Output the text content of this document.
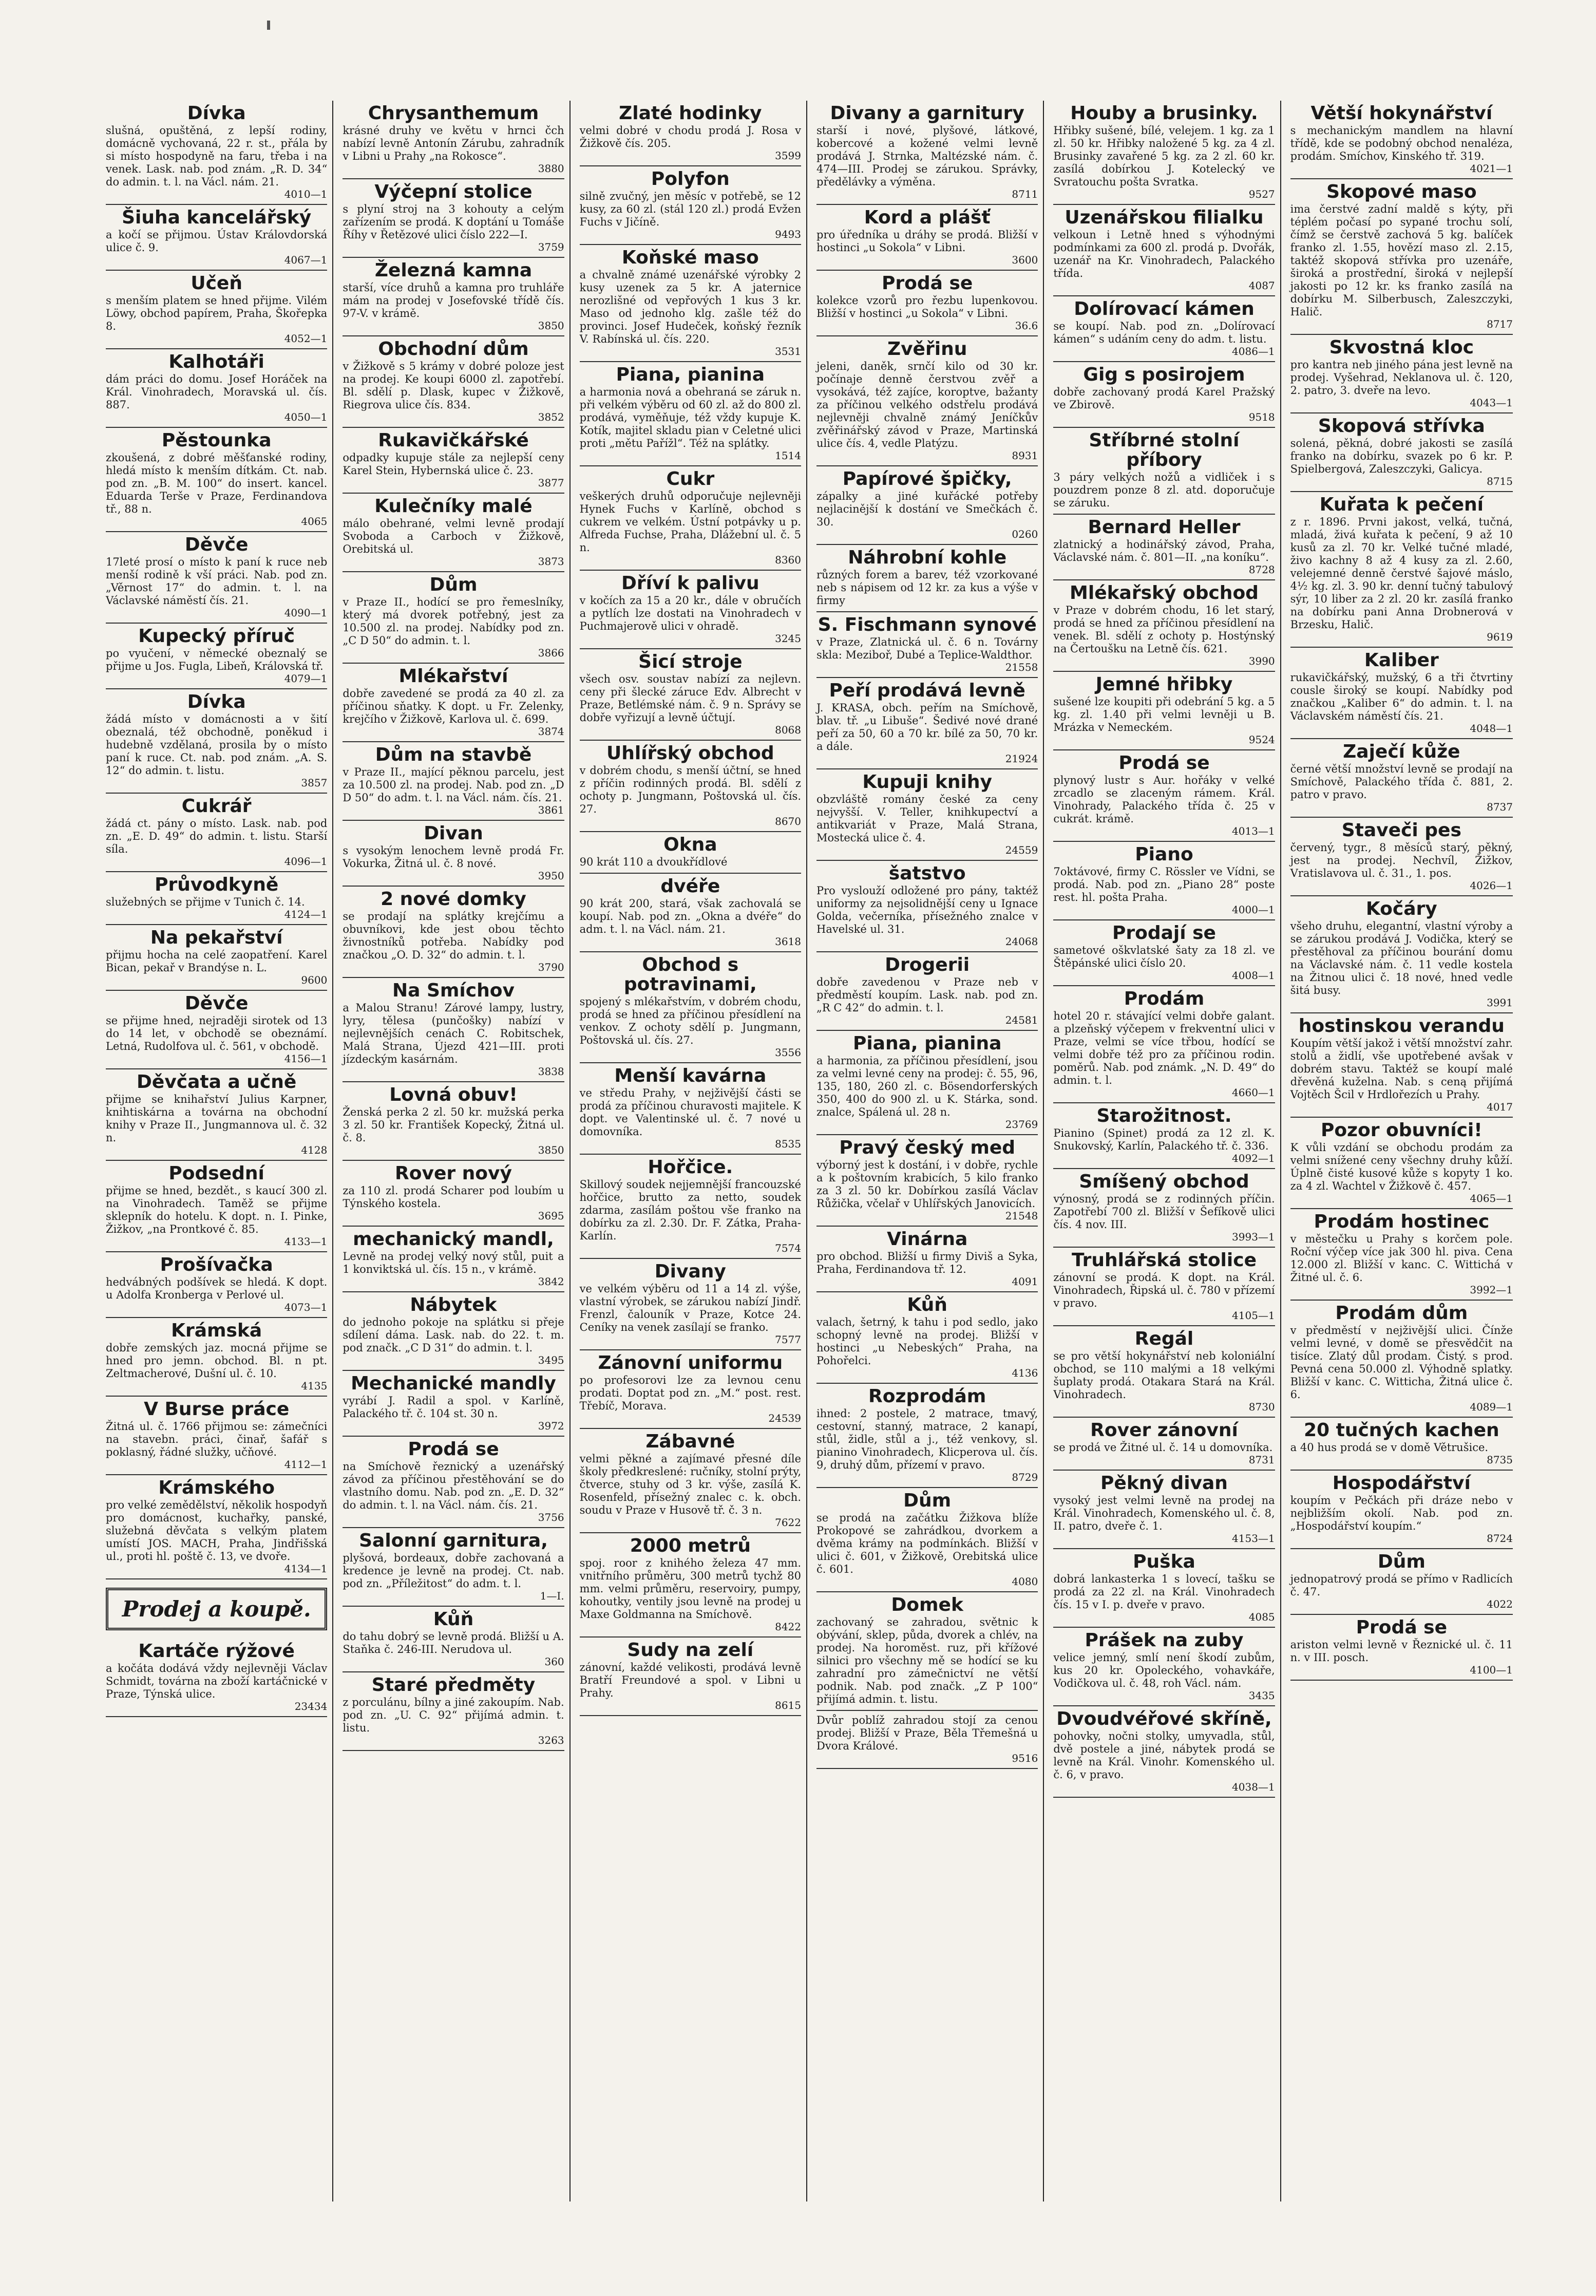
Dívka

slušná, opuštěná, z lepší rodiny, domácně vychovaná, 22 r. st., přála by si místo hospodyně na faru, třeba i na venek. Lask. nab. pod znám. „R. D. 34“ do admin. t. l. na Václ. nám. 21.

4010—1

Šiuha kancelářský

a kočí se přijmou. Ústav Královdorská ulice č. 9.

4067—1

Učeň

s menším platem se hned přijme. Vilém Löwy, obchod papírem, Praha, Škořepka 8.

4052—1

Kalhotáři

dám práci do domu. Josef Horáček na Král. Vinohradech, Moravská ul. čís. 887.

4050—1

Pěstounka

zkoušená, z dobré měšťanské rodiny, hledá místo k menším dítkám. Ct. nab. pod zn. „B. M. 100“ do insert. kancel. Eduarda Terše v Praze, Ferdinandova tř., 88 n.

4065

Děvče

17leté prosí o místo k paní k ruce neb menší rodině k vší práci. Nab. pod zn. „Věrnost 17“ do admin. t. l. na Václavské náměstí čís. 21.

4090—1

Kupecký příruč

po vyučení, v německé obeznalý se přijme u Jos. Fugla, Libeň, Královská tř.

4079—1

Dívka

žádá místo v domácnosti a v šití obeznalá, též obchodně, poněkud i hudebně vzdělaná, prosila by o místo paní k ruce. Ct. nab. pod znám. „A. S. 12“ do admin. t. listu.

3857

Cukrář

žádá ct. pány o místo. Lask. nab. pod zn. „E. D. 49“ do admin. t. listu. Starší síla.

4096—1

Průvodkyně

služebných se přijme v Tunich č. 14.

4124—1

Na pekařství

přijmu hocha na celé zaopatření. Karel Bican, pekař v Brandýse n. L.

9600

Děvče

se přijme hned, nejraději sirotek od 13 do 14 let, v obchodě se obeznámí. Letná, Rudolfova ul. č. 561, v obchodě.

4156—1

Děvčata a učně

přijme se knihařství Julius Karpner, knihtiskárna a továrna na obchodní knihy v Praze II., Jungmannova ul. č. 32 n.

4128

Podsední

přijme se hned, bezdět., s kaucí 300 zl. na Vinohradech. Taměž se přijme sklepník do hotelu. K dopt. n. I. Pinke, Žižkov, „na Prontkové č. 85.

4133—1

Prošívačka

hedvábných podšívek se hledá. K dopt. u Adolfa Kronberga v Perlové ul.

4073—1

Krámská

dobře zemských jaz. mocná přijme se hned pro jemn. obchod. Bl. n pt. Zeltmacherové, Dušní ul. č. 10.

4135

V Burse práce

Žitná ul. č. 1766 přijmou se: zámečníci na stavebn. práci, činař, šafář s poklasný, řádné služky, učňové.

4112—1

Krámského

pro velké zemědělství, několik hospodyň pro domácnost, kuchařky, panské, služebná děvčata s velkým platem umístí JOS. MACH, Praha, Jindřišská ul., proti hl. poště č. 13, ve dvoře.

4134—1

Prodej a koupě.
Kartáče rýžové

a kočáta dodává vždy nejlevněji Václav Schmidt, továrna na zboží kartáčnické v Praze, Týnská ulice.

23434

Chrysanthemum

krásné druhy ve květu v hrnci čch nabízí levně Antonín Zárubu, zahradník v Libni u Prahy „na Rokosce“.

3880

Výčepní stolice

s plyní stroj na 3 kohouty a celým zařízením se prodá. K doptání u Tomáše Říhy v Řetězové ulici číslo 222—I.

3759

Železná kamna

starší, více druhů a kamna pro truhláře mám na prodej v Josefovské třídě čís. 97-V. v krámě.

3850

Obchodní dům

v Žižkově s 5 krámy v dobré poloze jest na prodej. Ke koupi 6000 zl. zapotřebí. Bl. sdělí p. Dlask, kupec v Žižkově, Riegrova ulice čís. 834.

3852

Rukavičkářské

odpadky kupuje stále za nejlepší ceny Karel Stein, Hybernská ulice č. 23.

3877

Kulečníky malé

málo obehrané, velmi levně prodají Svoboda a Carboch v Žižkově, Orebitská ul.

3873

Dům

v Praze II., hodící se pro řemeslníky, který má dvorek potřebný, jest za 10.500 zl. na prodej. Nabídky pod zn. „C D 50“ do admin. t. l.

3866

Mlékařství

dobře zavedené se prodá za 40 zl. za příčinou sňatky. K dopt. u Fr. Zelenky, krejčího v Žižkově, Karlova ul. č. 699.

3874

Dům na stavbě

v Praze II., mající pěknou parcelu, jest za 10.500 zl. na prodej. Nab. pod zn. „D D 50“ do adm. t. l. na Václ. nám. čís. 21.

3861

Divan

s vysokým lenochem levně prodá Fr. Vokurka, Žitná ul. č. 8 nové.

3950

2 nové domky

se prodají na splátky krejčímu a obuvníkovi, kde jest obou těchto živnostníků potřeba. Nabídky pod značkou „O. D. 32“ do admin. t. l.

3790

Na Smíchov

a Malou Stranu! Zárové lampy, lustry, lyry, tělesa (punčošky) nabízí v nejlevnějších cenách C. Robitschek, Malá Strana, Újezd 421—III. proti jízdeckým kasárnám.

3838

Lovná obuv!

Ženská perka 2 zl. 50 kr. mužská perka 3 zl. 50 kr. František Kopecký, Žitná ul. č. 8.

3850

Rover nový

za 110 zl. prodá Scharer pod loubím u Týnského kostela.

3695

mechanický mandl,

Levně na prodej velký nový stůl, puit a 1 konviktská ul. čís. 15 n., v krámě.

3842

Nábytek

do jednoho pokoje na splátku si přeje sdílení dáma. Lask. nab. do 22. t. m. pod značk. „C D 31“ do admin. t. l.

3495

Mechanické mandly

vyrábí J. Radil a spol. v Karlíně, Palackého tř. č. 104 st. 30 n.

3972

Prodá se

na Smíchově řeznický a uzenářský závod za příčinou přestěhování se do vlastního domu. Nab. pod zn. „E. D. 32“ do admin. t. l. na Václ. nám. čís. 21.

3756

Salonní garnitura,

plyšová, bordeaux, dobře zachovaná a kredence je levně na prodej. Ct. nab. pod zn. „Příležitost“ do adm. t. l.

1—I.

Kůň

do tahu dobrý se levně prodá. Bližší u A. Staňka č. 246-III. Nerudova ul.

360

Staré předměty

z porculánu, bílny a jiné zakoupím. Nab. pod zn. „U. C. 92“ přijímá admin. t. listu.

3263

Zlaté hodinky

velmi dobré v chodu prodá J. Rosa v Žižkově čís. 205.

3599

Polyfon

silně zvučný, jen měsíc v potřebě, se 12 kusy, za 60 zl. (stál 120 zl.) prodá Evžen Fuchs v Jičíně.

9493

Koňské maso

a chvalně známé uzenářské výrobky 2 kusy uzenek za 5 kr. A jaternice nerozlišné od vepřových 1 kus 3 kr. Maso od jednoho klg. zašle též do provinci. Josef Hudeček, koňský řezník V. Rabínská ul. čís. 220.

3531

Piana, pianina

a harmonia nová a obehraná se záruk n. při velkém výběru od 60 zl. až do 800 zl. prodává, vyměňuje, též vždy kupuje K. Kotík, majitel skladu pian v Celetné ulici proti „mětu Pařížl“. Též na splátky.

1514

Cukr

veškerých druhů odporučuje nejlevněji Hynek Fuchs v Karlíně, obchod s cukrem ve velkém. Ústní potpávky u p. Alfreda Fuchse, Praha, Dlážební ul. č. 5 n.

8360

Dříví k palivu

v kočích za 15 a 20 kr., dále v obručích a pytlích lze dostati na Vinohradech v Puchmajerově ulici v ohradě.

3245

Šicí stroje

všech osv. soustav nabízí za nejlevn. ceny při šlecké záruce Edv. Albrecht v Praze, Betlémské nám. č. 9 n. Správy se dobře vyřizují a levně účtují.

8068

Uhlířský obchod

v dobrém chodu, s menší účtní, se hned z příčin rodinných prodá. Bl. sdělí z ochoty p. Jungmann, Poštovská ul. čís. 27.

8670

Okna

90 krát 110 a dvoukřídlové

dvéře

90 krát 200, stará, však zachovalá se koupí. Nab. pod zn. „Okna a dvéře“ do adm. t. l. na Václ. nám. 21.

3618

Obchod s potravinami,

spojený s mlékařstvím, v dobrém chodu, prodá se hned za příčinou přesídlení na venkov. Z ochoty sdělí p. Jungmann, Poštovská ul. čís. 27.

3556

Menší kavárna

ve středu Prahy, v nejživější části se prodá za příčinou churavosti majitele. K dopt. ve Valentinské ul. č. 7 nové u domovníka.

8535

Hořčice.

Skillový soudek nejjemnější francouzské hořčice, brutto za netto, soudek zdarma, zasílám poštou vše franko na dobírku za zl. 2.30. Dr. F. Zátka, Praha-Karlín.

7574

Divany

ve velkém výběru od 11 a 14 zl. výše, vlastní výrobek, se zárukou nabízí Jindř. Frenzl, čalouník v Praze, Kotce 24. Ceníky na venek zasílají se franko.

7577

Zánovní uniformu

po profesorovi lze za levnou cenu prodati. Doptat pod zn. „M.“ post. rest. Třebíč, Morava.

24539

Zábavné

velmi pěkné a zajímavé přesné díle školy předkreslené: ručníky, stolní prýty, čtverce, stuhy od 3 kr. výše, zasílá K. Rosenfeld, přísežný znalec c. k. obch. soudu v Praze v Husově tř. č. 3 n.

7622

2000 metrů

spoj. roor z knihého železa 47 mm. vnitřního průměru, 300 metrů tychž 80 mm. velmi průměru, reservoiry, pumpy, kohoutky, ventily jsou levně na prodej u Maxe Goldmanna na Smíchově.

8422

Sudy na zelí

zánovní, každé velikosti, prodává levně Bratří Freundové a spol. v Libni u Prahy.

8615

Divany a garnitury

starší i nové, plyšové, látkové, kobercové a kožené velmi levně prodává J. Strnka, Maltézské nám. č. 474—III. Prodej se zárukou. Správky, předělávky a výměna.

8711

Kord a plášť

pro úředníka u dráhy se prodá. Bližší v hostinci „u Sokola“ v Libni.

3600

Prodá se

kolekce vzorů pro řezbu lupenkovou. Bližší v hostinci „u Sokola“ v Libni.

36.6

Zvěřinu

jeleni, daněk, srnčí kilo od 30 kr. počínaje denně čerstvou zvěř a vysokává, též zajíce, koroptve, bažanty za příčinou velkého odstřelu prodává nejlevněji chvalně známý Jeníčkův zvěřinářský závod v Praze, Martinská ulice čís. 4, vedle Platýzu.

8931

Papírové špičky,

zápalky a jiné kuřácké potřeby nejlacinější k dostání ve Smečkách č. 30.

0260

Náhrobní kohle

různých forem a barev, též vzorkované neb s nápisem od 12 kr. za kus a výše v firmy

S. Fischmann synové

v Praze, Zlatnická ul. č. 6 n. Továrny skla: Meziboř, Dubé a Teplice-Waldthor.

21558

Peří prodává levně

J. KRASA, obch. peřím na Smíchově, blav. tř. „u Libuše“. Šedivé nové drané peří za 50, 60 a 70 kr. bílé za 50, 70 kr. a dále.

21924

Kupuji knihy

obzvláště romány české za ceny nejvyšší. V. Teller, knihkupectví a antikvariát v Praze, Malá Strana, Mostecká ulice č. 4.

24559

šatstvo

Pro vyslouží odložené pro pány, taktéž uniformy za nejsolidnější ceny u Ignace Golda, večerníka, přísežného znalce v Havelské ul. 31.

24068

Drogerii

dobře zavedenou v Praze neb v předměstí koupím. Lask. nab. pod zn. „R C 42“ do admin. t. l.

24581

Piana, pianina

a harmonia, za příčinou přesídlení, jsou za velmi levné ceny na prodej: č. 55, 96, 135, 180, 260 zl. c. Bösendorferských 350, 400 do 900 zl. u K. Stárka, sond. znalce, Spálená ul. 28 n.

23769

Pravý český med

výborný jest k dostání, i v dobře, rychle a k poštovním krabicích, 5 kilo franko za 3 zl. 50 kr. Dobírkou zasílá Václav Růžička, včelař v Uhlířských Janovicích.

21548

Vinárna

pro obchod. Bližší u firmy Diviš a Syka, Praha, Ferdinandova tř. 12.

4091

Kůň

valach, šetrný, k tahu i pod sedlo, jako schopný levně na prodej. Bližší v hostinci „u Nebeských“ Praha, na Pohořelci.

4136

Rozprodám

ihned: 2 postele, 2 matrace, tmavý, cestovní, stanný, matrace, 2 kanapí, stůl, židle, stůl a j., též venkovy, sl. pianino Vinohradech, Klicperova ul. čís. 9, druhý dům, přízemí v pravo.

8729

Dům

se prodá na začátku Žižkova blíže Prokopové se zahrádkou, dvorkem a dvěma krámy na podmínkách. Bližší v ulici č. 601, v Žižkově, Orebitská ulice č. 601.

4080

Domek

zachovaný se zahradou, světnic k obývání, sklep, půda, dvorek a chlév, na prodej. Na horoměst. ruz, při křížové silnici pro všechny mě se hodící se ku zahradní pro zámečnictví ne větší podnik. Nab. pod značk. „Z P 100“ přijímá admin. t. listu.

Dvůr poblíž zahradou stojí za cenou prodej. Bližší v Praze, Běla Třemešná u Dvora Králové.

9516

Houby a brusinky.

Hřibky sušené, bílé, velejem. 1 kg. za 1 zl. 50 kr. Hřibky naložené 5 kg. za 4 zl. Brusinky zavařené 5 kg. za 2 zl. 60 kr. zasílá dobírkou J. Kotelecký ve Svratouchu pošta Svratka.

9527

Uzenářskou filialku

velkoun i Letně hned s výhodnými podmínkami za 600 zl. prodá p. Dvořák, uzenář na Kr. Vinohradech, Palackého třída.

4087

Dolírovací kámen

se koupí. Nab. pod zn. „Dolírovací kámen“ s udáním ceny do adm. t. listu.

4086—1

Gig s posirojem

dobře zachovaný prodá Karel Pražský ve Zbirově.

9518

Stříbrné stolní příbory

3 páry velkých nožů a vidliček i s pouzdrem ponze 8 zl. atd. doporučuje se záruku.

Bernard Heller

zlatnický a hodinářský závod, Praha, Václavské nám. č. 801—II. „na koníku“.

8728

Mlékařský obchod

v Praze v dobrém chodu, 16 let starý, prodá se hned za příčinou přesídlení na venek. Bl. sdělí z ochoty p. Hostýnský na Čertoušku na Letně čís. 621.

3990

Jemné hřibky

sušené lze koupiti při odebrání 5 kg. a 5 kg. zl. 1.40 při velmi levněji u B. Mrázka v Nemeckém.

9524

Prodá se

plynový lustr s Aur. hořáky v velké zrcadlo se zlaceným rámem. Král. Vinohrady, Palackého třída č. 25 v cukrát. krámě.

4013—1

Piano

7oktávové, firmy C. Rössler ve Vídni, se prodá. Nab. pod zn. „Piano 28“ poste rest. hl. pošta Praha.

4000—1

Prodají se

sametové oškvlatské šaty za 18 zl. ve Štěpánské ulici číslo 20.

4008—1

Prodám

hotel 20 r. stávající velmi dobře galant. a plzeňský výčepem v frekventní ulici v Praze, velmi se více třbou, hodící se velmi dobře též pro za příčinou rodin. poměrů. Nab. pod známk. „N. D. 49“ do admin. t. l.

4660—1

Starožitnost.

Pianino (Spinet) prodá za 12 zl. K. Snukovský, Karlín, Palackého tř. č. 336.

4092—1

Smíšený obchod

výnosný, prodá se z rodinných příčin. Zapotřebí 700 zl. Bližší v Šefíkově ulici čís. 4 nov. III.

3993—1

Truhlářská stolice

zánovní se prodá. K dopt. na Král. Vinohradech, Řipská ul. č. 780 v přízemí v pravo.

4105—1

Regál

se pro větší hokynářství neb koloniální obchod, se 110 malými a 18 velkými šuplaty prodá. Otakara Stará na Král. Vinohradech.

8730

Rover zánovní

se prodá ve Žitné ul. č. 14 u domovníka.

8731

Pěkný divan

vysoký jest velmi levně na prodej na Král. Vinohradech, Komenského ul. č. 8, II. patro, dveře č. 1.

4153—1

Puška

dobrá lankasterka 1 s lovecí, tašku se prodá za 22 zl. na Král. Vinohradech čís. 15 v I. p. dveře v pravo.

4085

Prášek na zuby

velice jemný, smlí není škodí zubům, kus 20 kr. Opoleckého, vohavkáře, Vodičkova ul. č. 48, roh Václ. nám.

3435

Dvoudvéřové skříně,

pohovky, nočni stolky, umyvadla, stůl, dvě postele a jiné, nábytek prodá se levně na Král. Vinohr. Komenského ul. č. 6, v pravo.

4038—1

Větší hokynářství

s mechanickým mandlem na hlavní třídě, kde se podobný obchod nenaléza, prodám. Smíchov, Kinského tř. 319.

4021—1

Skopové maso

ima čerstvé zadní maldě s kýty, při téplém počasí po sypané trochu solí, čímž se čerstvě zachová 5 kg. balíček franko zl. 1.55, hovězí maso zl. 2.15, taktéž skopová střívka pro uzenáře, široká a prostřední, široká v nejlepší jakosti po 12 kr. ks franko zasílá na dobírku M. Silberbusch, Zaleszczyki, Halič.

8717

Skvostná kloc

pro kantra neb jiného pána jest levně na prodej. Vyšehrad, Neklanova ul. č. 120, 2. patro, 3. dveře na levo.

4043—1

Skopová střívka

solená, pěkná, dobré jakosti se zasílá franko na dobírku, svazek po 6 kr. P. Spielbergová, Zaleszczyki, Galicya.

8715

Kuřata k pečení

z r. 1896. Prvni jakost, velká, tučná, mladá, živá kuřata k pečení, 9 až 10 kusů za zl. 70 kr. Velké tučné mladé, živo kachny 8 až 4 kusy za zl. 2.60, velejemné denně čerstvé šajové máslo, 4½ kg. zl. 3. 90 kr. denní tučný tabulový sýr, 10 liber za 2 zl. 20 kr. zasílá franko na dobírku pani Anna Drobnerová v Brzesku, Halič.

9619

Kaliber

rukavičkářský, mužský, 6 a tři čtvrtiny cousle široký se koupí. Nabídky pod značkou „Kaliber 6“ do admin. t. l. na Václavském náměstí čís. 21.

4048—1

Zaječí kůže

černé větší množství levně se prodají na Smíchově, Palackého třída č. 881, 2. patro v pravo.

8737

Staveči pes

červený, tygr., 8 měsíců starý, pěkný, jest na prodej. Nechvíl, Žižkov, Vratislavova ul. č. 31., 1. pos.

4026—1

Kočáry

všeho druhu, elegantní, vlastní výroby a se zárukou prodává J. Vodička, který se přestěhoval za příčinou bourání domu na Václavské nám. č. 11 vedle kostela na Žitnou ulici č. 18 nové, hned vedle šitá busy.

3991

hostinskou verandu

Koupím větší jakož i větší množství zahr. stolů a židlí, vše upotřebené avšak v dobrém stavu. Taktéž se koupí malé dřevěná kuželna. Nab. s ceną přijímá Vojtěch Šcil v Hrdlořezích u Prahy.

4017

Pozor obuvníci!

K vůli vzdání se obchodu prodám za velmi snížené ceny všechny druhy kůží. Úplně čisté kusové kůže s kopyty 1 ko. za 4 zl. Wachtel v Žižkově č. 457.

4065—1

Prodám hostinec

v městečku u Prahy s korčem pole. Roční výčep více jak 300 hl. piva. Cena 12.000 zl. Bližší v kanc. C. Wittichá v Žitné ul. č. 6.

3992—1

Prodám dům

v předměstí v nejživější ulici. Čínže velmi levné, v domě se přesvědčit na tisíce. Zlatý důl prodam. Čistý. s prod. Pevná cena 50.000 zl. Výhodně splatky. Bližší v kanc. C. Witticha, Žitná ulice č. 6.

4089—1

20 tučných kachen

a 40 hus prodá se v domě Větrušice.

8735

Hospodářství

koupím v Pečkách při dráze nebo v nejbližším okolí. Nab. pod zn. „Hospodářství koupím.“

8724

Dům

jednopatrový prodá se přímo v Radlicích č. 47.

4022

Prodá se

ariston velmi levně v Řeznické ul. č. 11 n. v III. posch.

4100—1
